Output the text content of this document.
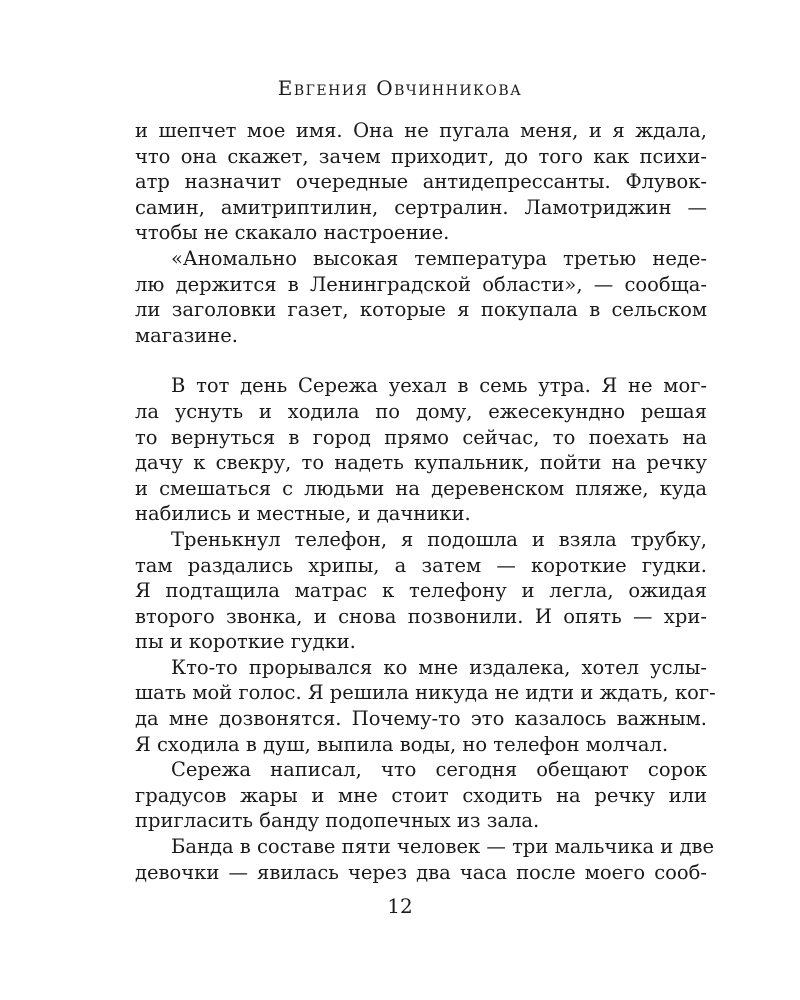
Евгения Овчинникова

и шепчет мое имя. Она не пугала меня, и я ждала,
что она скажет, зачем приходит, до того как психи-
атр назначит очередные антидепрессанты. Флувок-
самин, амитриптилин, сертралин. Ламотриджин —
чтобы не скакало настроение.

«Аномально высокая температура третью неде-
лю держится в Ленинградской области», — сообща-
ли заголовки газет, которые я покупала в сельском
магазине.

В тот день Сережа уехал в семь утра. Я не мог-
ла уснуть и ходила по дому, ежесекундно решая
то вернуться в город прямо сейчас, то поехать на
дачу к свекру, то надеть купальник, пойти на речку
и смешаться с людьми на деревенском пляже, куда
набились и местные, и дачники.

Тренькнул телефон, я подошла и взяла трубку,
там раздались хрипы, а затем — короткие гудки.
Я подтащила матрас к телефону и легла, ожидая
второго звонка, и снова позвонили. И опять — хри-
пы и короткие гудки.

Кто-то прорывался ко мне издалека, хотел услы-
шать мой голос. Я решила никуда не идти и ждать, ког-
да мне дозвонятся. Почему-то это казалось важным.
Я сходила в душ, выпила воды, но телефон молчал.

Сережа написал, что сегодня обещают сорок
градусов жары и мне стоит сходить на речку или
пригласить банду подопечных из зала.

Банда в составе пяти человек — три мальчика и две
девочки — явилась через два часа после моего сооб-

12
